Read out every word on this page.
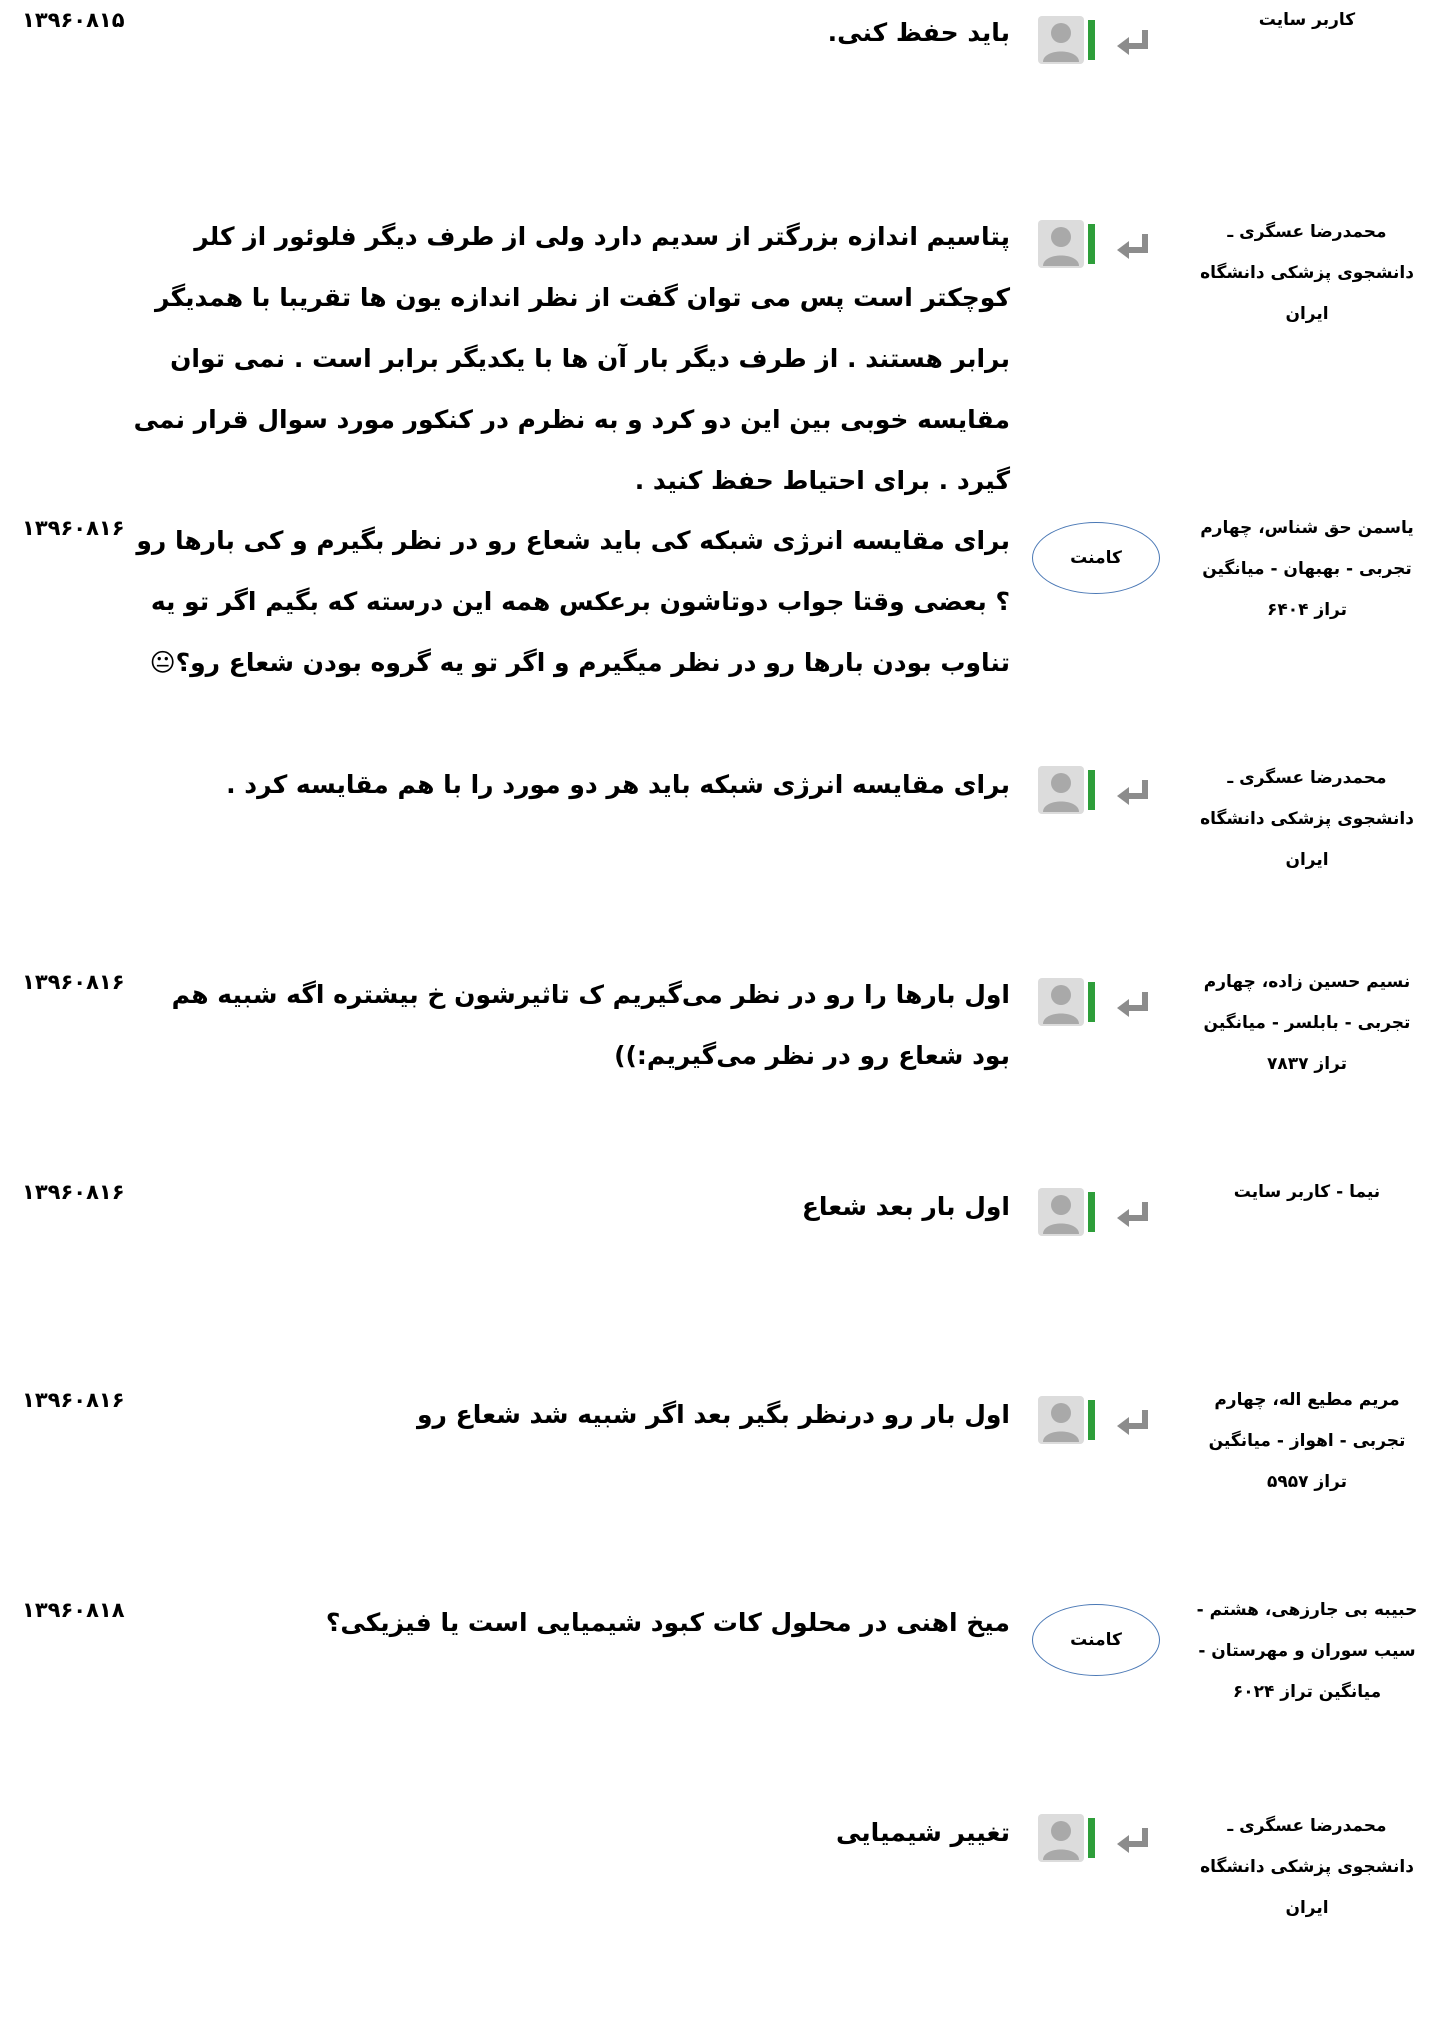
۱۳۹۶۰۸۱۵	کاربر سایت
باید حفظ کنی.
محمدرضا عسگری ـ دانشجوی پزشکی دانشگاه ایران
پتاسیم اندازه بزرگتر از سدیم دارد ولی از طرف دیگر فلوئور از کلر کوچکتر است پس می توان گفت از نظر اندازه یون ها تقریبا با همدیگر برابر هستند . از طرف دیگر بار آن ها با یکدیگر برابر است . نمی توان مقایسه خوبی بین این دو کرد و به نظرم در کنکور مورد سوال قرار نمی گیرد . برای احتیاط حفظ کنید .
۱۳۹۶۰۸۱۶	یاسمن حق شناس، چهارم تجربی - بهبهان - میانگین تراز ۶۴۰۴
کامنت
برای مقایسه انرژی شبکه کی باید شعاع رو در نظر بگیرم و کی بارها رو ؟ بعضی وقتا جواب دوتاشون برعکس همه این درسته که بگیم اگر تو یه تناوب بودن بارها رو در نظر میگیرم و اگر تو یه گروه بودن شعاع رو؟😐
محمدرضا عسگری ـ دانشجوی پزشکی دانشگاه ایران
برای مقایسه انرژی شبکه باید هر دو مورد را با هم مقایسه کرد .
۱۳۹۶۰۸۱۶	نسیم حسین زاده، چهارم تجربی - بابلسر - میانگین تراز ۷۸۳۷
اول بارها را رو در نظر می‌گیریم ک تاثیرشون خ بیشتره اگه شبیه هم بود شعاع رو در نظر می‌گیریم:))
۱۳۹۶۰۸۱۶	نیما - کاربر سایت
اول بار بعد شعاع
۱۳۹۶۰۸۱۶	مریم مطیع اله، چهارم تجربی - اهواز - میانگین تراز ۵۹۵۷
اول بار رو درنظر بگیر بعد اگر شبیه شد شعاع رو
۱۳۹۶۰۸۱۸	حبیبه بی جارزهی، هشتم - سیب سوران و مهرستان - میانگین تراز ۶۰۲۴
کامنت
میخ اهنی در محلول کات کبود شیمیایی است یا فیزیکی؟
محمدرضا عسگری ـ دانشجوی پزشکی دانشگاه ایران
تغییر شیمیایی
